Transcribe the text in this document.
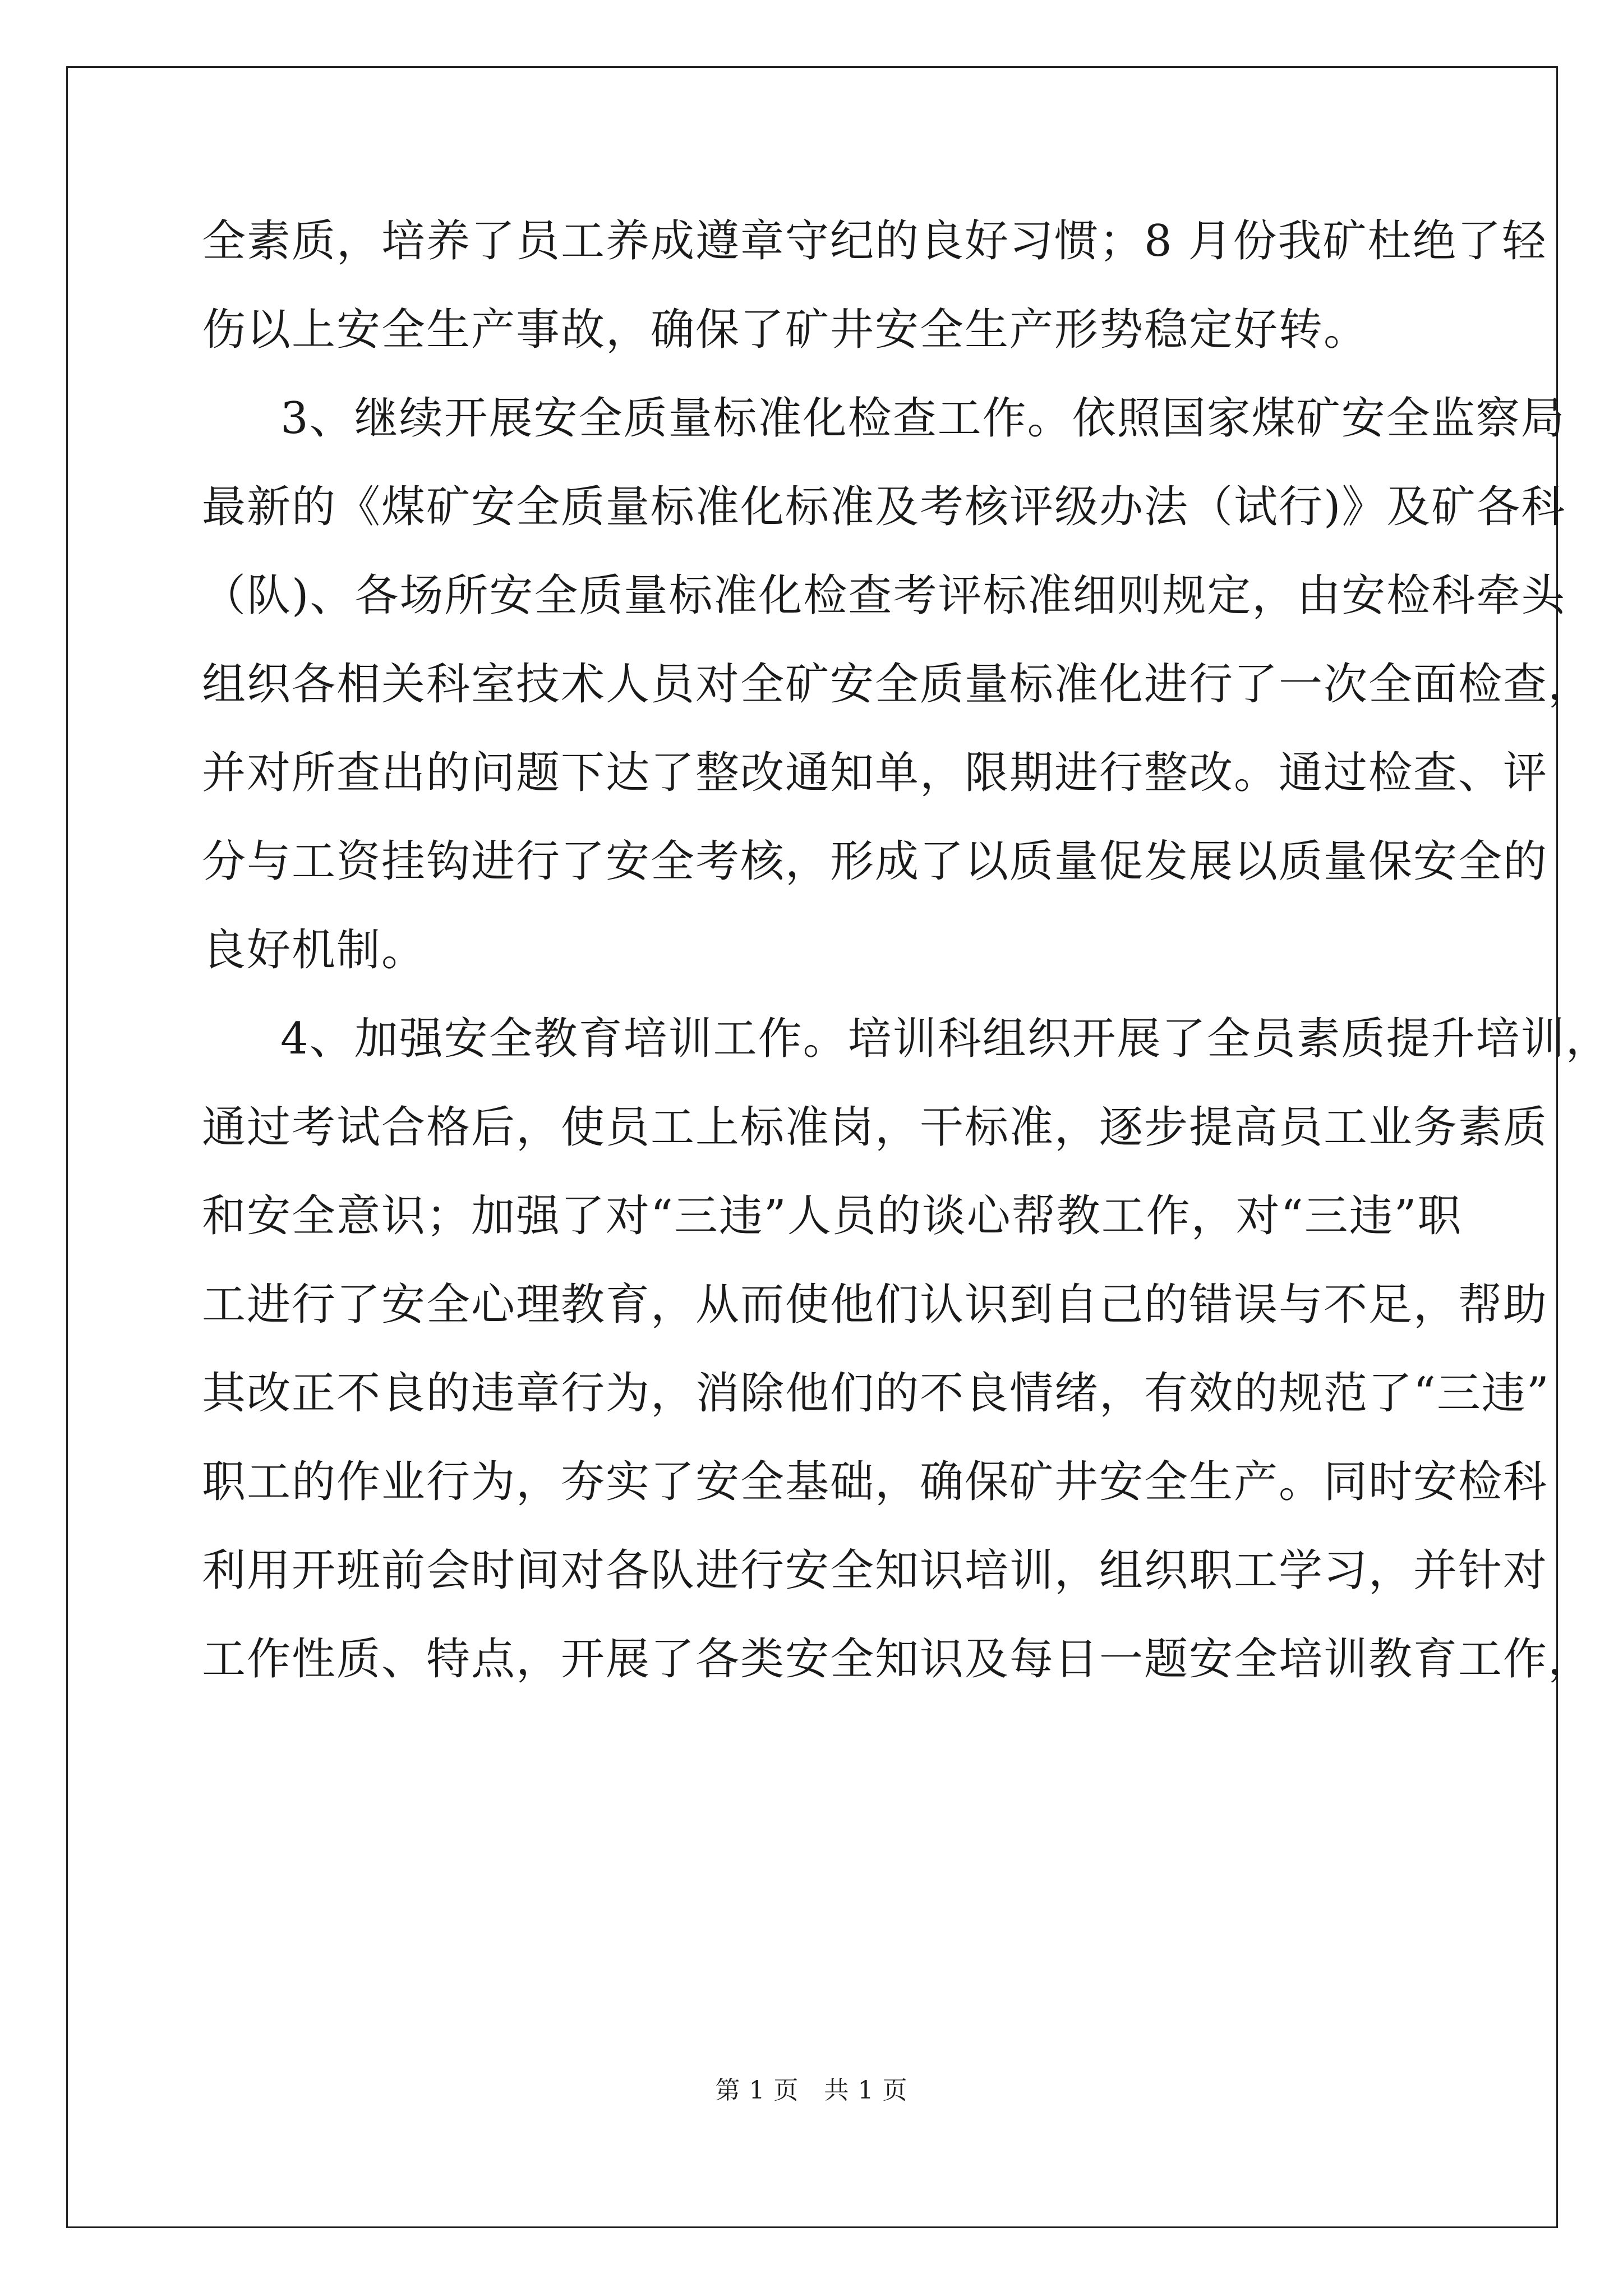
全素质，培养了员工养成遵章守纪的良好习惯；8 月份我矿杜绝了轻
伤以上安全生产事故，确保了矿井安全生产形势稳定好转。
3、继续开展安全质量标准化检查工作。依照国家煤矿安全监察局
最新的《煤矿安全质量标准化标准及考核评级办法（试行)》及矿各科
（队)、各场所安全质量标准化检查考评标准细则规定，由安检科牵头
组织各相关科室技术人员对全矿安全质量标准化进行了一次全面检查，
并对所查出的问题下达了整改通知单，限期进行整改。通过检查、评
分与工资挂钩进行了安全考核，形成了以质量促发展以质量保安全的
良好机制。
4、加强安全教育培训工作。培训科组织开展了全员素质提升培训，
通过考试合格后，使员工上标准岗，干标准，逐步提高员工业务素质
和安全意识；加强了对“三违”人员的谈心帮教工作，对“三违”职
工进行了安全心理教育，从而使他们认识到自己的错误与不足，帮助
其改正不良的违章行为，消除他们的不良情绪，有效的规范了“三违”
职工的作业行为，夯实了安全基础，确保矿井安全生产。同时安检科
利用开班前会时间对各队进行安全知识培训，组织职工学习，并针对
工作性质、特点，开展了各类安全知识及每日一题安全培训教育工作，
第 1 页　共 1 页
